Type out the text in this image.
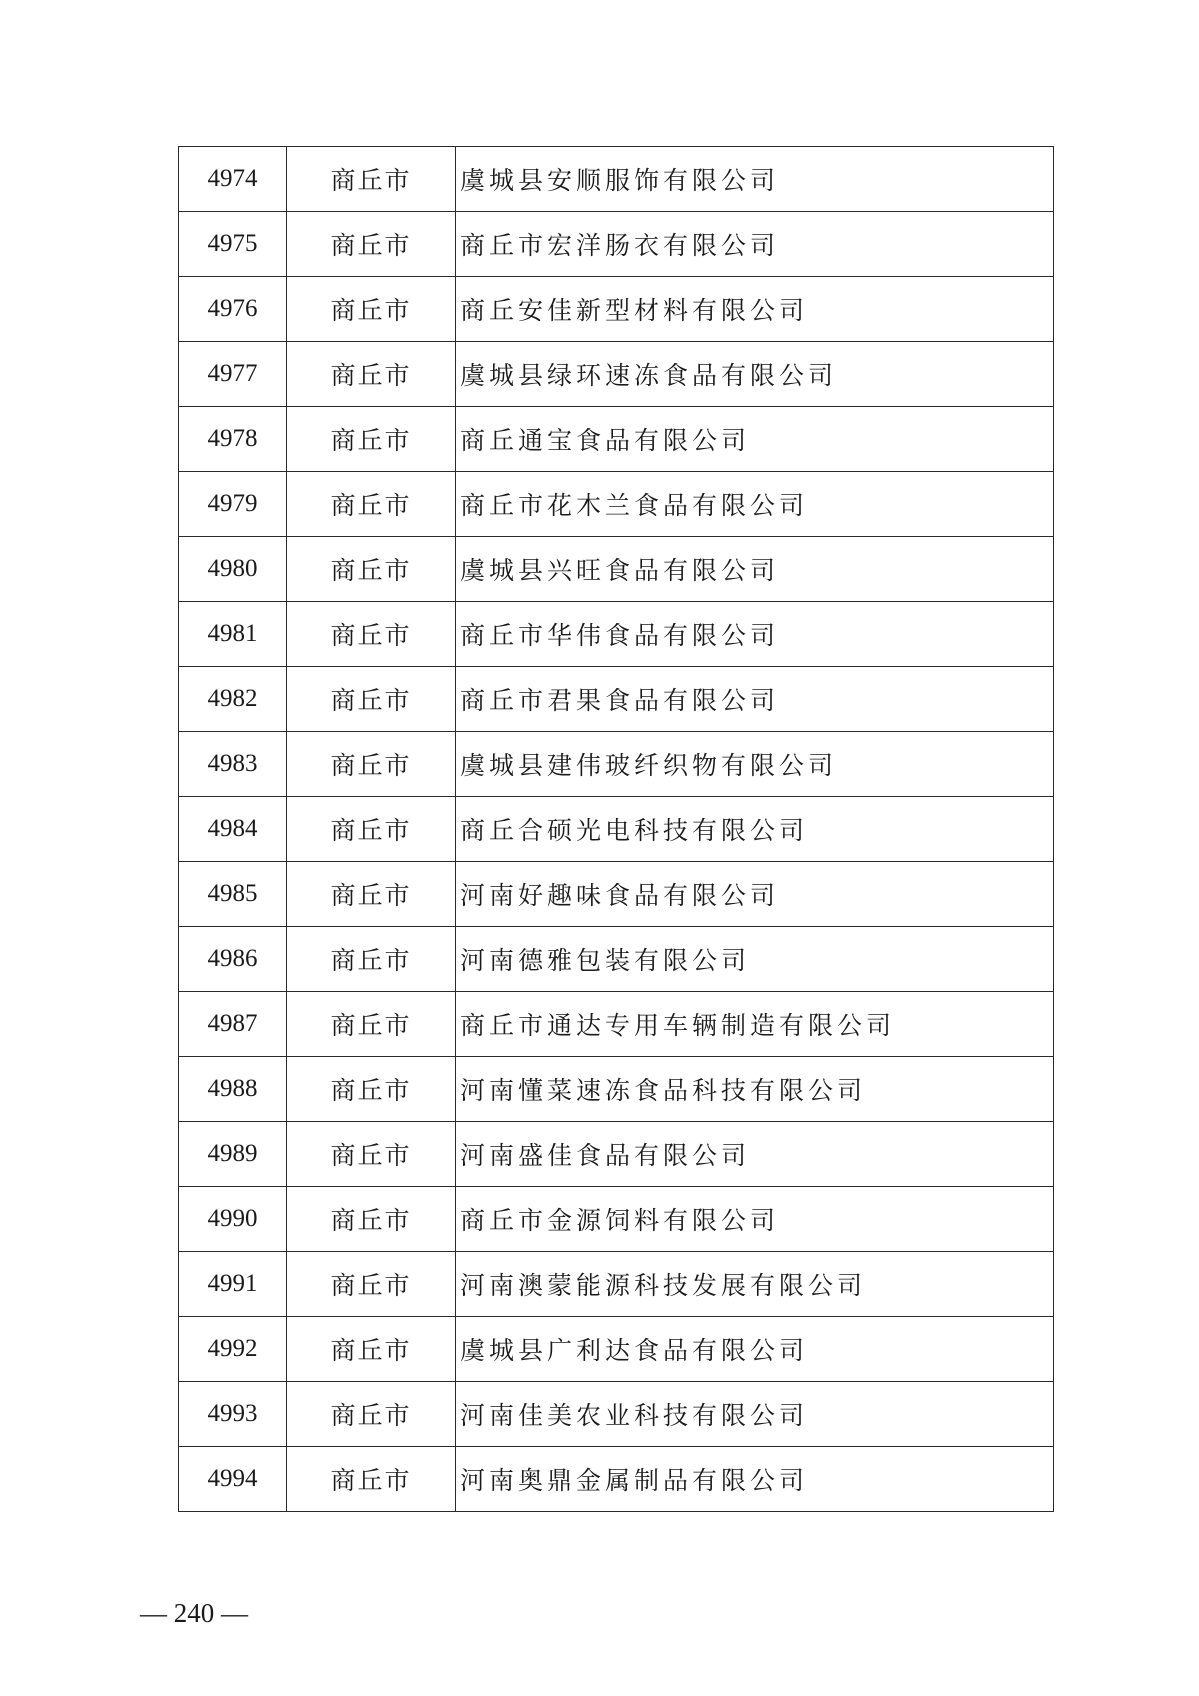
4974	商丘市	虞城县安顺服饰有限公司
4975	商丘市	商丘市宏洋肠衣有限公司
4976	商丘市	商丘安佳新型材料有限公司
4977	商丘市	虞城县绿环速冻食品有限公司
4978	商丘市	商丘通宝食品有限公司
4979	商丘市	商丘市花木兰食品有限公司
4980	商丘市	虞城县兴旺食品有限公司
4981	商丘市	商丘市华伟食品有限公司
4982	商丘市	商丘市君果食品有限公司
4983	商丘市	虞城县建伟玻纤织物有限公司
4984	商丘市	商丘合硕光电科技有限公司
4985	商丘市	河南好趣味食品有限公司
4986	商丘市	河南德雅包装有限公司
4987	商丘市	商丘市通达专用车辆制造有限公司
4988	商丘市	河南懂菜速冻食品科技有限公司
4989	商丘市	河南盛佳食品有限公司
4990	商丘市	商丘市金源饲料有限公司
4991	商丘市	河南澳蒙能源科技发展有限公司
4992	商丘市	虞城县广利达食品有限公司
4993	商丘市	河南佳美农业科技有限公司
4994	商丘市	河南奥鼎金属制品有限公司
— 240 —
